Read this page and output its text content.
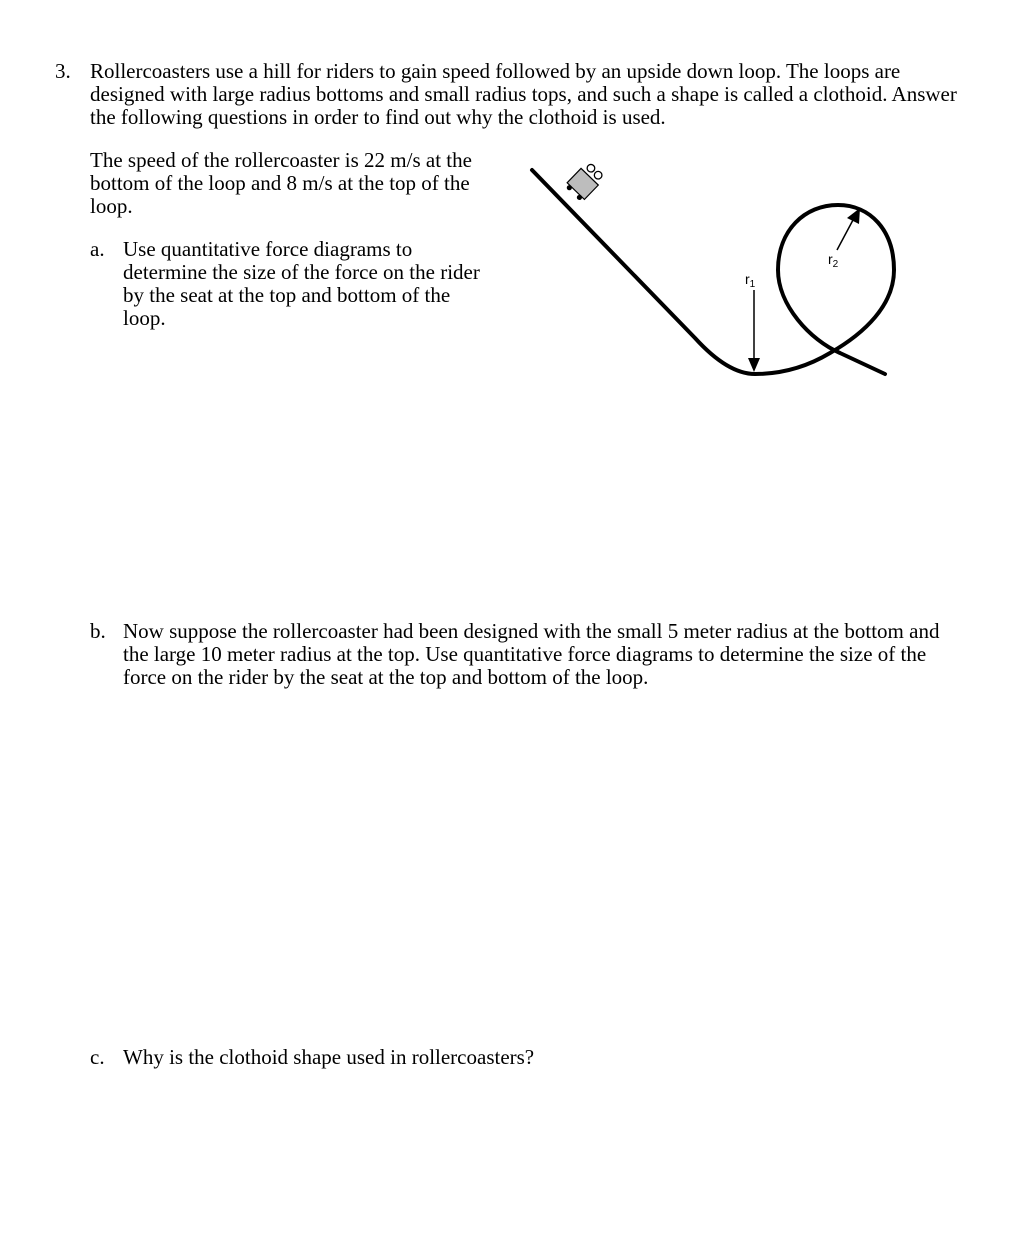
3. Rollercoasters use a hill for riders to gain speed followed by an upside down loop. The loops are designed with large radius bottoms and small radius tops, and such a shape is called a clothoid. Answer the following questions in order to find out why the clothoid is used.
The speed of the rollercoaster is 22 m/s at the bottom of the loop and 8 m/s at the top of the loop.
a. Use quantitative force diagrams to determine the size of the force on the rider by the seat at the top and bottom of the loop.
$r_1$
$r_2$
b. Now suppose the rollercoaster had been designed with the small 5 meter radius at the bottom and the large 10 meter radius at the top. Use quantitative force diagrams to determine the size of the force on the rider by the seat at the top and bottom of the loop.
c. Why is the clothoid shape used in rollercoasters?
